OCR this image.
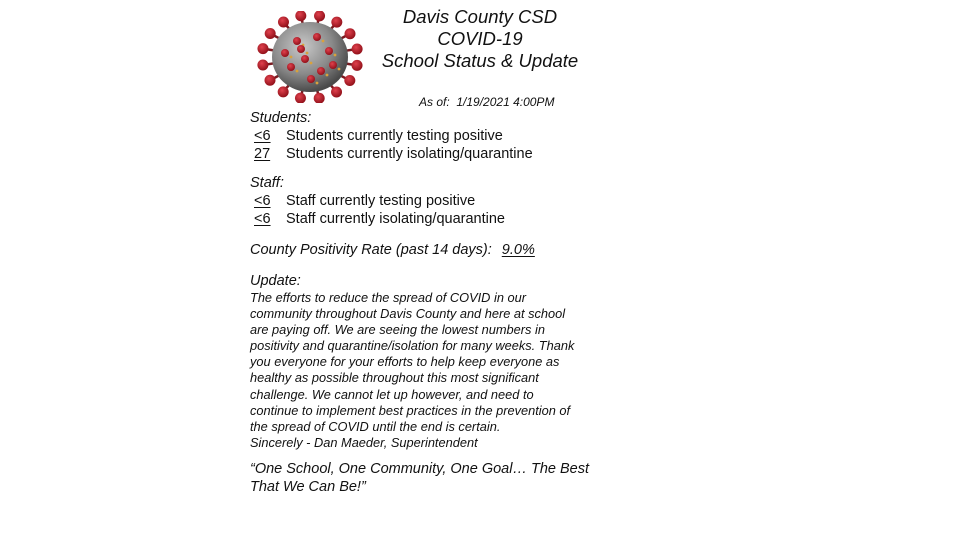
Davis County CSD
COVID-19
School Status & Update
As of: 1/19/2021 4:00PM
Students:
<6 Students currently testing positive
27 Students currently isolating/quarantine
Staff:
<6 Staff currently testing positive
<6 Staff currently isolating/quarantine
County Positivity Rate (past 14 days): 9.0%
Update:
The efforts to reduce the spread of COVID in our
community throughout Davis County and here at school
are paying off. We are seeing the lowest numbers in
positivity and quarantine/isolation for many weeks. Thank
you everyone for your efforts to help keep everyone as
healthy as possible throughout this most significant
challenge. We cannot let up however, and need to
continue to implement best practices in the prevention of
the spread of COVID until the end is certain.
Sincerely - Dan Maeder, Superintendent
“One School, One Community, One Goal… The Best
That We Can Be!”
